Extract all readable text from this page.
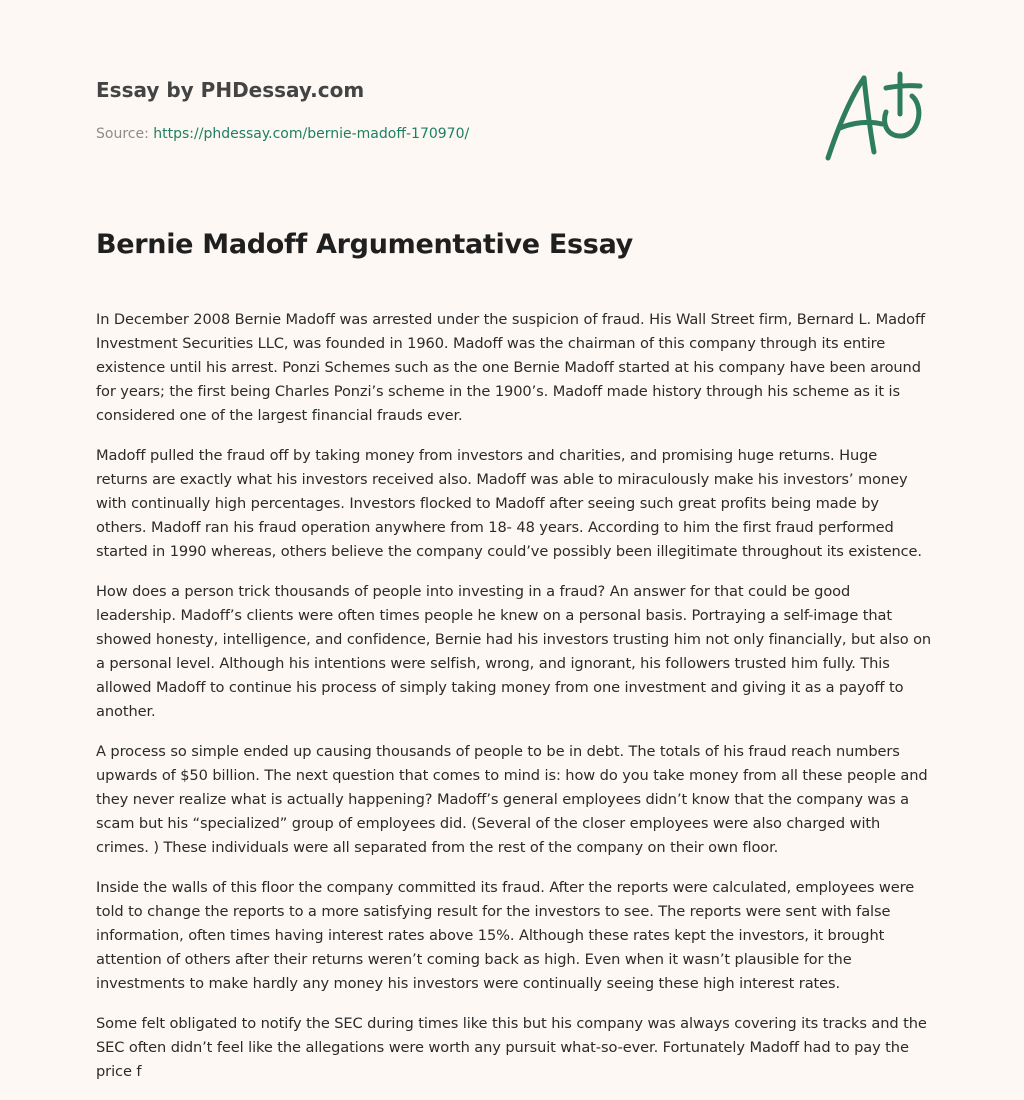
Essay by PHDessay.com
Source: https://phdessay.com/bernie-madoff-170970/
Bernie Madoff Argumentative Essay

In December 2008 Bernie Madoff was arrested under the suspicion of fraud. His Wall Street firm, Bernard L. Madoff Investment Securities LLC, was founded in 1960. Madoff was the chairman of this company through its entire existence until his arrest. Ponzi Schemes such as the one Bernie Madoff started at his company have been around for years; the first being Charles Ponzi’s scheme in the 1900’s. Madoff made history through his scheme as it is considered one of the largest financial frauds ever.

Madoff pulled the fraud off by taking money from investors and charities, and promising huge returns. Huge returns are exactly what his investors received also. Madoff was able to miraculously make his investors’ money with continually high percentages. Investors flocked to Madoff after seeing such great profits being made by others. Madoff ran his fraud operation anywhere from 18- 48 years. According to him the first fraud performed started in 1990 whereas, others believe the company could’ve possibly been illegitimate throughout its existence.

How does a person trick thousands of people into investing in a fraud? An answer for that could be good leadership. Madoff’s clients were often times people he knew on a personal basis. Portraying a self-image that showed honesty, intelligence, and confidence, Bernie had his investors trusting him not only financially, but also on a personal level. Although his intentions were selfish, wrong, and ignorant, his followers trusted him fully. This allowed Madoff to continue his process of simply taking money from one investment and giving it as a payoff to another.

A process so simple ended up causing thousands of people to be in debt. The totals of his fraud reach numbers upwards of $50 billion. The next question that comes to mind is: how do you take money from all these people and they never realize what is actually happening? Madoff’s general employees didn’t know that the company was a scam but his “specialized” group of employees did. (Several of the closer employees were also charged with crimes. ) These individuals were all separated from the rest of the company on their own floor.

Inside the walls of this floor the company committed its fraud. After the reports were calculated, employees were told to change the reports to a more satisfying result for the investors to see. The reports were sent with false information, often times having interest rates above 15%. Although these rates kept the investors, it brought attention of others after their returns weren’t coming back as high. Even when it wasn’t plausible for the investments to make hardly any money his investors were continually seeing these high interest rates.

Some felt obligated to notify the SEC during times like this but his company was always covering its tracks and the SEC often didn’t feel like the allegations were worth any pursuit what-so-ever. Fortunately Madoff had to pay the price f
